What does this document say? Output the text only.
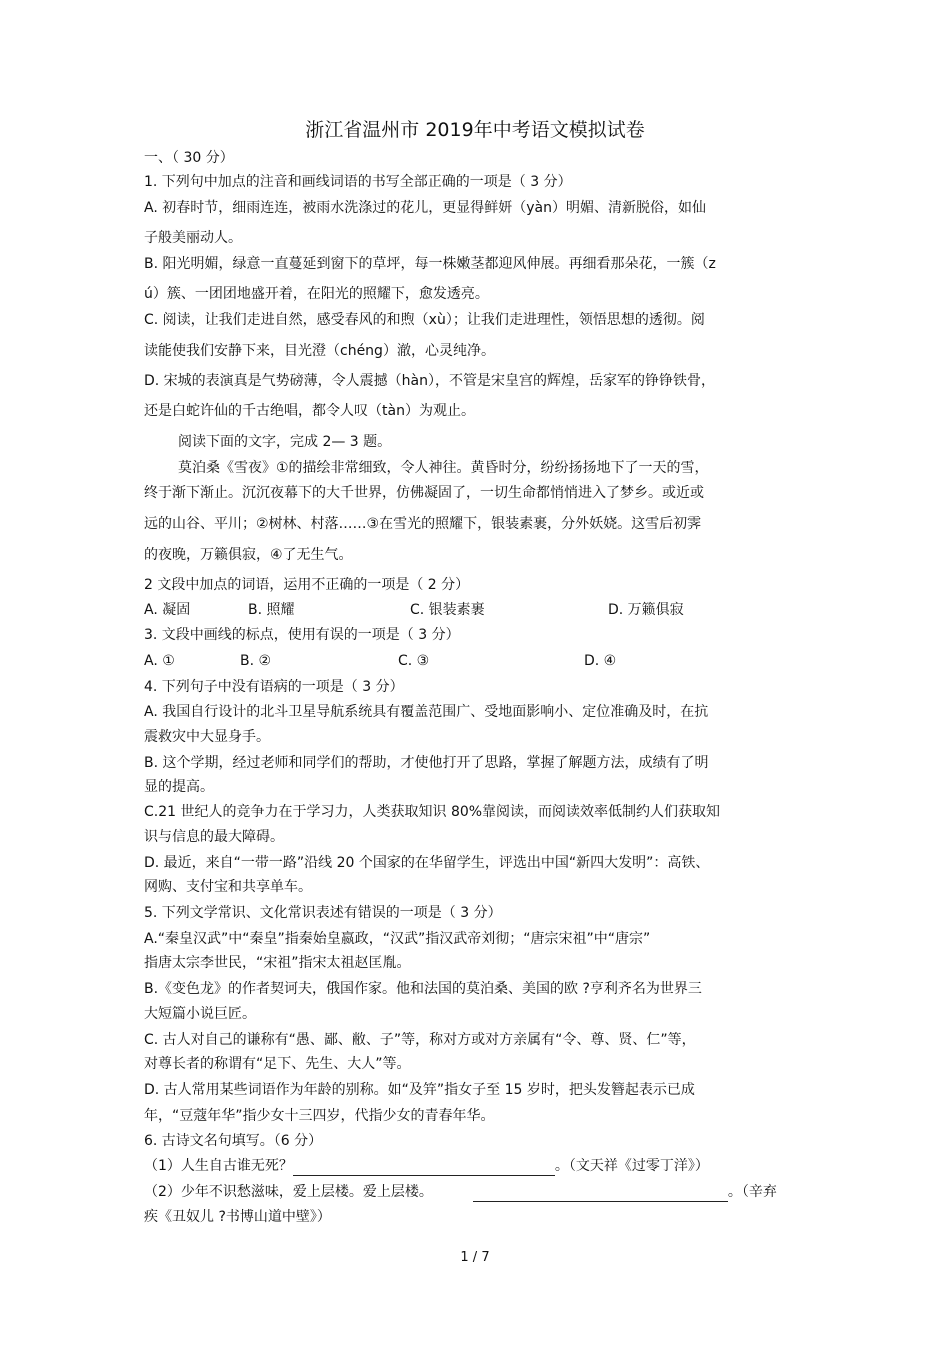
浙江省温州市 2019年中考语文模拟试卷
一、（ 30 分）
1. 下列句中加点的注音和画线词语的书写全部正确的一项是（ 3 分）
A. 初春时节，细雨连连，被雨水洗涤过的花儿，更显得鲜妍（yàn）明媚、清新脱俗，如仙
子般美丽动人。
B. 阳光明媚，绿意一直蔓延到窗下的草坪，每一株嫩茎都迎风伸展。再细看那朵花，一簇（z
ú）簇、一团团地盛开着，在阳光的照耀下，愈发透亮。
C. 阅读，让我们走进自然，感受春风的和煦（xù）；让我们走进理性，领悟思想的透彻。阅
读能使我们安静下来，目光澄（chéng）澈，心灵纯净。
D. 宋城的表演真是气势磅薄，令人震撼（hàn），不管是宋皇宫的辉煌，岳家军的铮铮铁骨，
还是白蛇许仙的千古绝唱，都令人叹（tàn）为观止。
阅读下面的文字，完成 2— 3 题。
莫泊桑《雪夜》①的描绘非常细致，令人神往。黄昏时分，纷纷扬扬地下了一天的雪，
终于渐下渐止。沉沉夜幕下的大千世界，仿佛凝固了，一切生命都悄悄进入了梦乡。或近或
远的山谷、平川；②树林、村落……③在雪光的照耀下，银装素裹，分外妖娆。这雪后初霁
的夜晚，万籁俱寂，④了无生气。
2 文段中加点的词语，运用不正确的一项是（ 2 分）
A. 凝固	B. 照耀	C. 银装素裹	D. 万籁俱寂
3. 文段中画线的标点，使用有误的一项是（ 3 分）
A. ①	B. ②	C. ③	D. ④
4. 下列句子中没有语病的一项是（ 3 分）
A. 我国自行设计的北斗卫星导航系统具有覆盖范围广、受地面影响小、定位准确及时，在抗
震救灾中大显身手。
B. 这个学期，经过老师和同学们的帮助，才使他打开了思路，掌握了解题方法，成绩有了明
显的提高。
C.21 世纪人的竞争力在于学习力，人类获取知识 80%靠阅读，而阅读效率低制约人们获取知
识与信息的最大障碍。
D. 最近，来自“一带一路”沿线 20 个国家的在华留学生，评选出中国“新四大发明”：高铁、
网购、支付宝和共享单车。
5. 下列文学常识、文化常识表述有错误的一项是（ 3 分）
A.“秦皇汉武”中“秦皇”指秦始皇嬴政，“汉武”指汉武帝刘彻；“唐宗宋祖”中“唐宗”
指唐太宗李世民，“宋祖”指宋太祖赵匡胤。
B.《变色龙》的作者契诃夫，俄国作家。他和法国的莫泊桑、美国的欧 ?亨利齐名为世界三
大短篇小说巨匠。
C. 古人对自己的谦称有“愚、鄙、敝、子”等，称对方或对方亲属有“令、尊、贤、仁”等，
对尊长者的称谓有“足下、先生、大人”等。
D. 古人常用某些词语作为年龄的别称。如“及笄”指女子至 15 岁时，把头发簪起表示已成
年，“豆蔻年华”指少女十三四岁，代指少女的青春年华。
6. 古诗文名句填写。（6 分）
（1）人生自古谁无死？	。（文天祥《过零丁洋》）
（2）少年不识愁滋味，爱上层楼。爱上层楼。	。（辛弃
疾《丑奴儿 ?书博山道中壁》）
1 / 7
